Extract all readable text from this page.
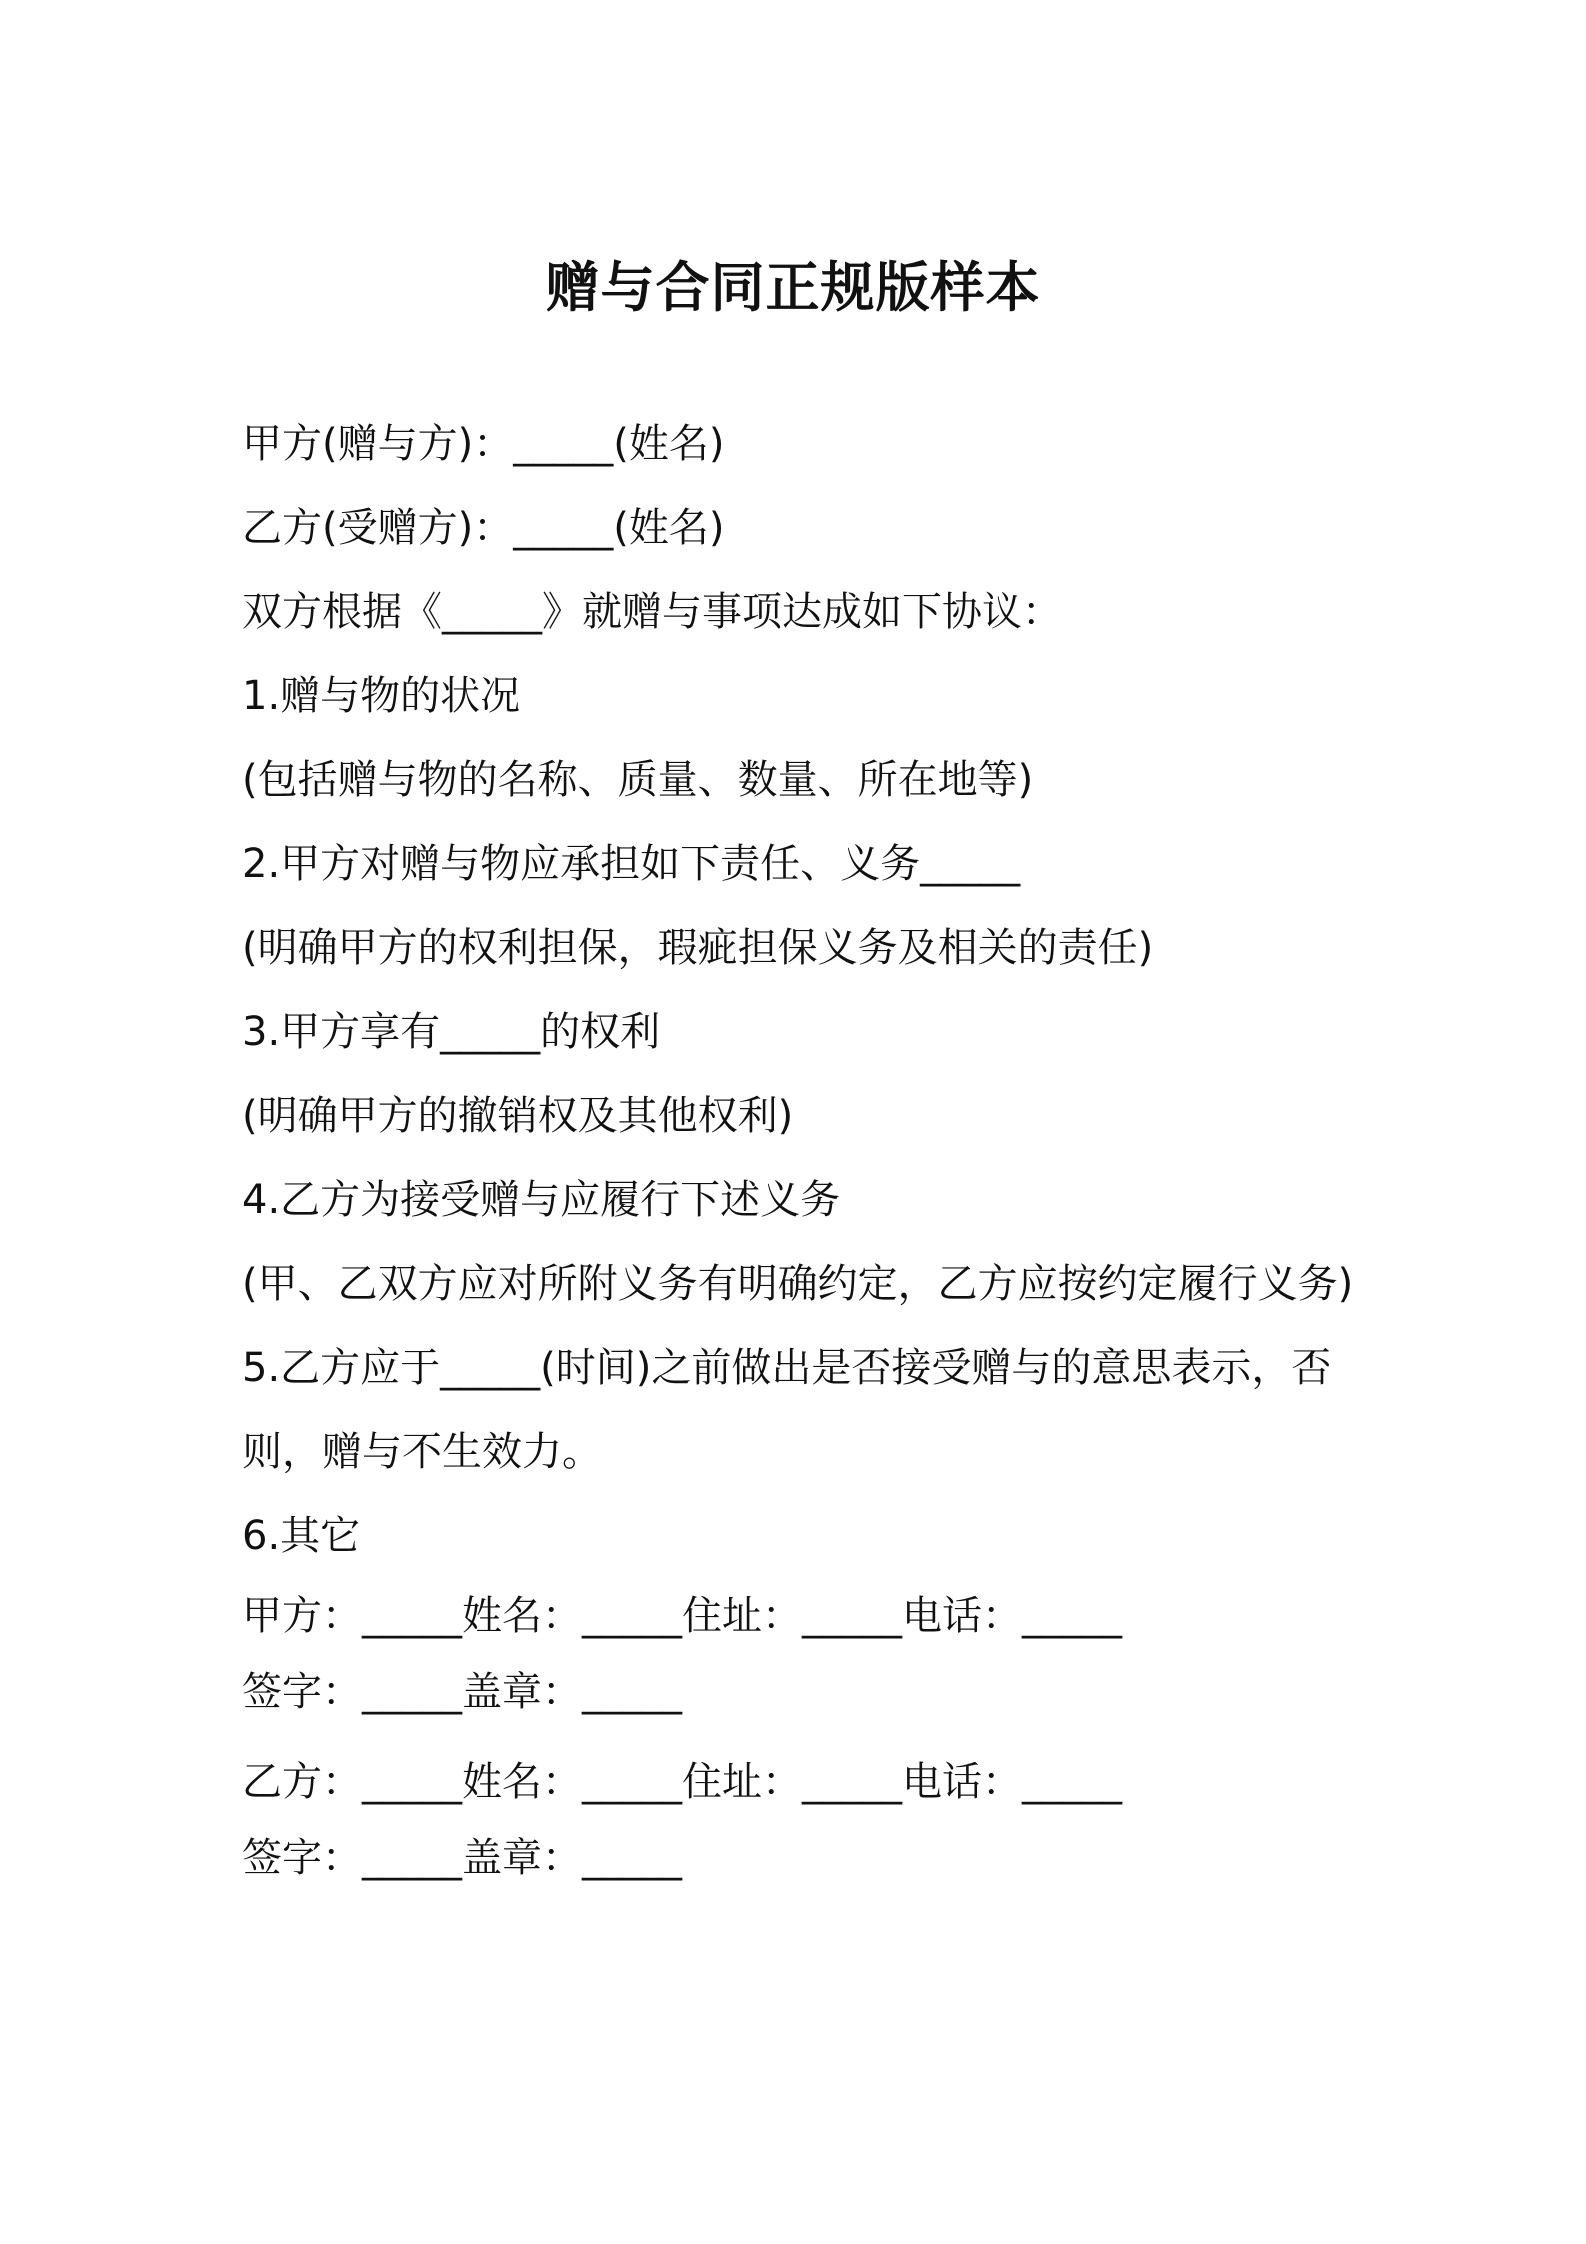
赠与合同正规版样本
甲方(赠与方)：_____(姓名)
乙方(受赠方)：_____(姓名)
双方根据《_____》就赠与事项达成如下协议：
1.赠与物的状况
(包括赠与物的名称、质量、数量、所在地等)
2.甲方对赠与物应承担如下责任、义务_____
(明确甲方的权利担保，瑕疵担保义务及相关的责任)
3.甲方享有_____的权利
(明确甲方的撤销权及其他权利)
4.乙方为接受赠与应履行下述义务
(甲、乙双方应对所附义务有明确约定，乙方应按约定履行义务)
5.乙方应于_____(时间)之前做出是否接受赠与的意思表示，否则，赠与不生效力。
6.其它
甲方：_____姓名：_____住址：_____电话：_____
签字：_____盖章：_____
乙方：_____姓名：_____住址：_____电话：_____
签字：_____盖章：_____
